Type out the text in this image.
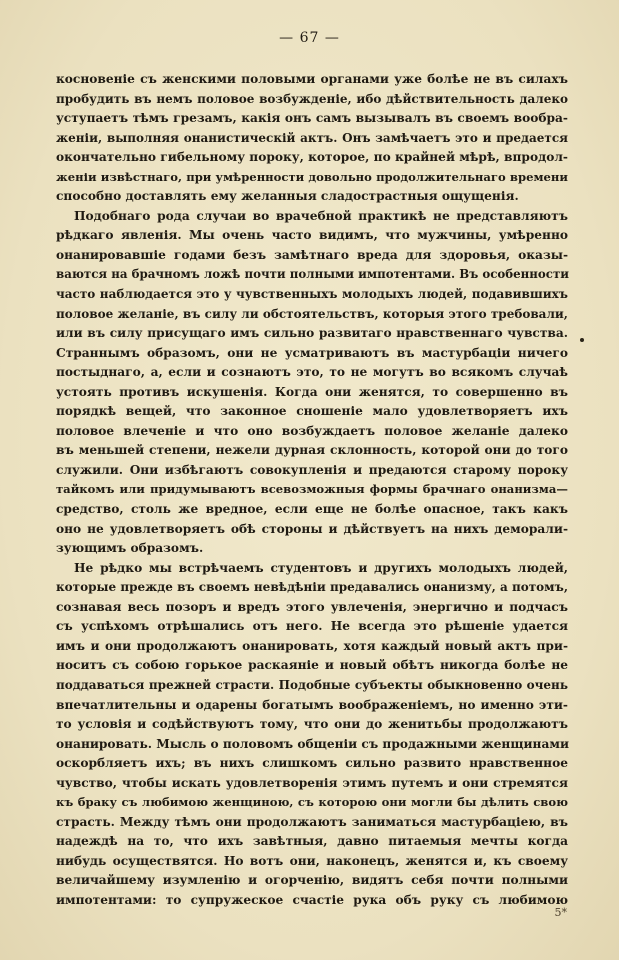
— 67 —
косновеніе съ женскими половыми органами уже болѣе не въ силахъ
пробудить въ немъ половое возбужденіе, ибо дѣйствительность далеко
уступаетъ тѣмъ грезамъ, какія онъ самъ вызывалъ въ своемъ вообра-
женіи, выполняя онанистическій актъ. Онъ замѣчаетъ это и предается
окончательно гибельному пороку, которое, по крайней мѣрѣ, впродол-
женіи извѣстнаго, при умѣренности довольно продолжительнаго времени
способно доставлять ему желанныя сладострастныя ощущенія.
Подобнаго рода случаи во врачебной практикѣ не представляютъ
рѣдкаго явленія. Мы очень часто видимъ, что мужчины, умѣренно
онанировавшіе годами безъ замѣтнаго вреда для здоровья, оказы-
ваются на брачномъ ложѣ почти полными импотентами. Въ особенности
часто наблюдается это у чувственныхъ молодыхъ людей, подавившихъ
половое желаніе, въ силу ли обстоятельствъ, которыя этого требовали,
или въ силу присущаго имъ сильно развитаго нравственнаго чувства.
Страннымъ образомъ, они не усматриваютъ въ мастурбаціи ничего
постыднаго, а, если и сознаютъ это, то не могутъ во всякомъ случаѣ
устоять противъ искушенія. Когда они женятся, то совершенно въ
порядкѣ вещей, что законное сношеніе мало удовлетворяетъ ихъ
половое влеченіе и что оно возбуждаетъ половое желаніе далеко
въ меньшей степени, нежели дурная склонность, которой они до того
служили. Они избѣгаютъ совокупленія и предаются старому пороку
тайкомъ или придумываютъ всевозможныя формы брачнаго онанизма—
средство, столь же вредное, если еще не болѣе опасное, такъ какъ
оно не удовлетворяетъ обѣ стороны и дѣйствуетъ на нихъ деморали-
зующимъ образомъ.
Не рѣдко мы встрѣчаемъ студентовъ и другихъ молодыхъ людей,
которые прежде въ своемъ невѣдѣніи предавались онанизму, а потомъ,
сознавая весь позоръ и вредъ этого увлеченія, энергично и подчасъ
съ успѣхомъ отрѣшались отъ него. Не всегда это рѣшеніе удается
имъ и они продолжаютъ онанировать, хотя каждый новый актъ при-
носитъ съ собою горькое раскаяніе и новый обѣтъ никогда болѣе не
поддаваться прежней страсти. Подобные субъекты обыкновенно очень
впечатлительны и одарены богатымъ воображеніемъ, но именно эти-
то условія и содѣйствуютъ тому, что они до женитьбы продолжаютъ
онанировать. Мысль о половомъ общеніи съ продажными женщинами
оскорбляетъ ихъ; въ нихъ слишкомъ сильно развито нравственное
чувство, чтобы искать удовлетворенія этимъ путемъ и они стремятся
къ браку съ любимою женщиною, съ которою они могли бы дѣлить свою
страсть. Между тѣмъ они продолжаютъ заниматься мастурбаціею, въ
надеждѣ на то, что ихъ завѣтныя, давно питаемыя мечты когда
нибудь осуществятся. Но вотъ они, наконецъ, женятся и, къ своему
величайшему изумленію и огорченію, видятъ себя почти полными
импотентами: то супружеское счастіе рука объ руку съ любимою
5*
